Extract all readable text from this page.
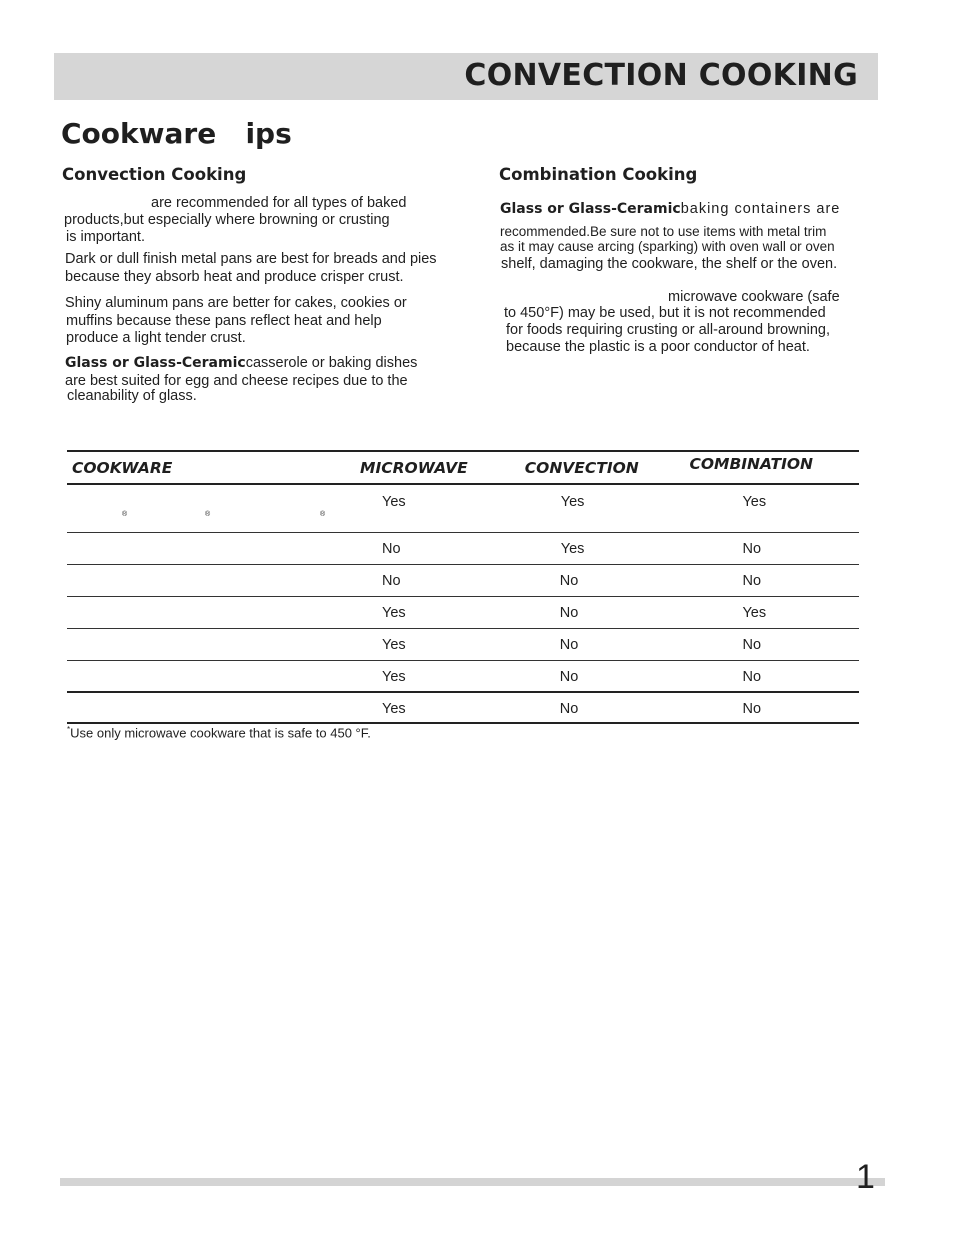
CONVECTION COOKING
Cookware   ips
Convection Cooking
are recommended for all types of baked
products,but especially where browning or crusting
is important.
Dark or dull finish metal pans are best for breads and pies
because they absorb heat and produce crisper crust.
Shiny aluminum pans are better for cakes, cookies or
muffins because these pans reflect heat and help
produce a light tender crust.
Glass or Glass-Ceramiccasserole or baking dishes
are best suited for egg and cheese recipes due to the
cleanability of glass.
Combination Cooking
Glass or Glass-Ceramicbaking containers are
recommended.Be sure not to use items with metal trim
as it may cause arcing (sparking) with oven wall or oven
shelf, damaging the cookware, the shelf or the oven.
microwave cookware (safe
to 450°F) may be used, but it is not recommended
for foods requiring crusting or all-around browning,
because the plastic is a poor conductor of heat.
COOKWARE	MICROWAVE	CONVECTION	COMBINATION

® ® ®	Yes	Yes	Yes
	No	Yes	No
	No	No	No
	Yes	No	Yes
	Yes	No	No
	Yes	No	No
	Yes	No	No
*Use only microwave cookware that is safe to 450 °F.
1
